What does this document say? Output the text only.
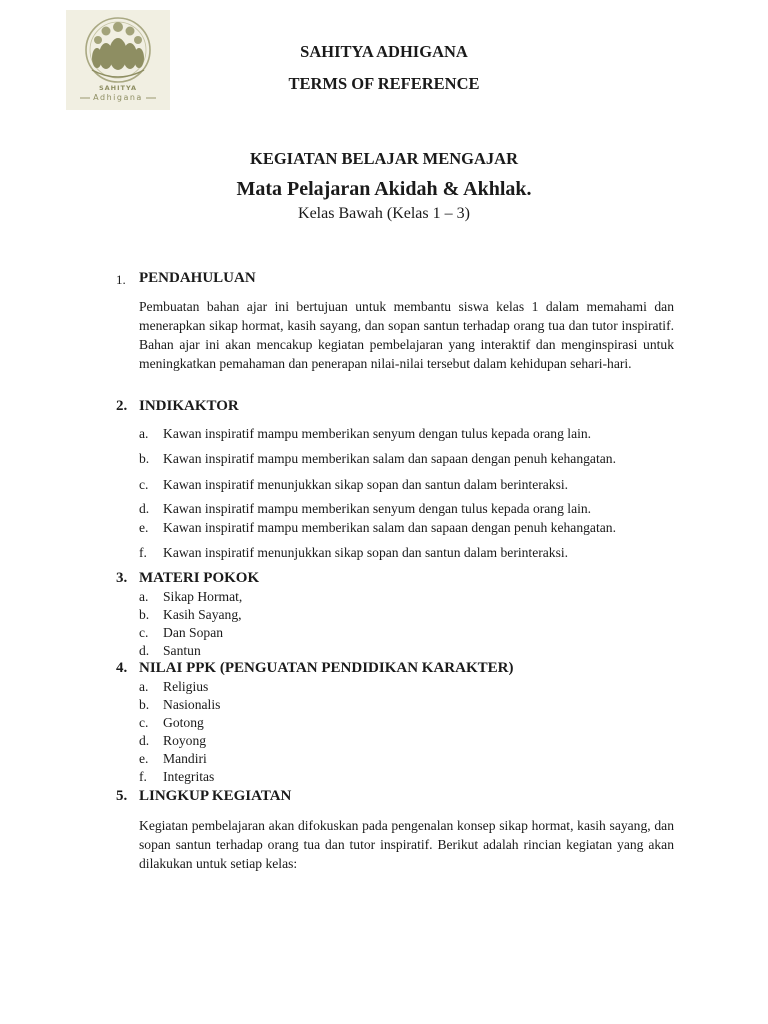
SAHITYA
Adhigana
SAHITYA ADHIGANA
TERMS OF REFERENCE
KEGIATAN BELAJAR MENGAJAR
Mata Pelajaran Akidah & Akhlak.
Kelas Bawah (Kelas 1 – 3)
1. PENDAHULUAN
Pembuatan bahan ajar ini bertujuan untuk membantu siswa kelas 1 dalam memahami dan menerapkan sikap hormat, kasih sayang, dan sopan santun terhadap orang tua dan tutor inspiratif. Bahan ajar ini akan mencakup kegiatan pembelajaran yang interaktif dan menginspirasi untuk meningkatkan pemahaman dan penerapan nilai-nilai tersebut dalam kehidupan sehari-hari.
2. INDIKAKTOR
a. Kawan inspiratif mampu memberikan senyum dengan tulus kepada orang lain.
b. Kawan inspiratif mampu memberikan salam dan sapaan dengan penuh kehangatan.
c. Kawan inspiratif menunjukkan sikap sopan dan santun dalam berinteraksi.
d. Kawan inspiratif mampu memberikan senyum dengan tulus kepada orang lain.
e. Kawan inspiratif mampu memberikan salam dan sapaan dengan penuh kehangatan.
f. Kawan inspiratif menunjukkan sikap sopan dan santun dalam berinteraksi.
3. MATERI POKOK
a. Sikap Hormat,
b. Kasih Sayang,
c. Dan Sopan
d. Santun
4. NILAI PPK (PENGUATAN PENDIDIKAN KARAKTER)
a. Religius
b. Nasionalis
c. Gotong
d. Royong
e. Mandiri
f. Integritas
5. LINGKUP KEGIATAN
Kegiatan pembelajaran akan difokuskan pada pengenalan konsep sikap hormat, kasih sayang, dan sopan santun terhadap orang tua dan tutor inspiratif. Berikut adalah rincian kegiatan yang akan dilakukan untuk setiap kelas:
